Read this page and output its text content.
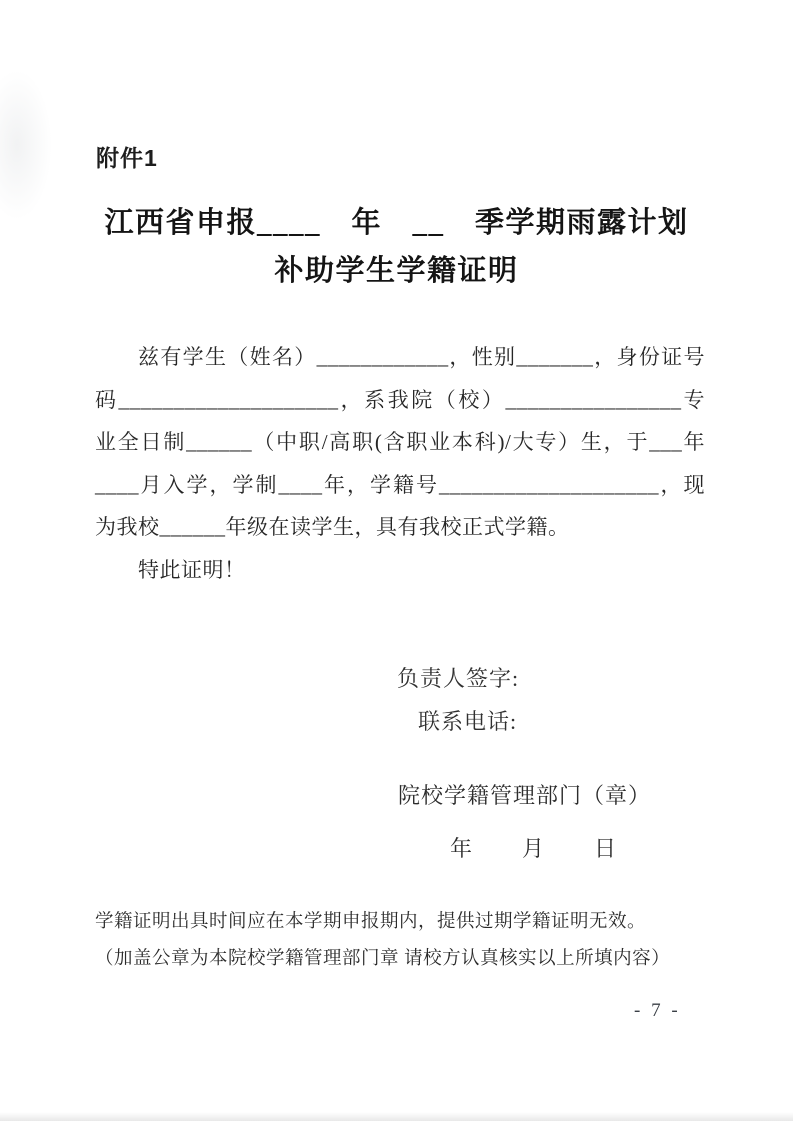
附件1
江西省申报____　年　__　季学期雨露计划
补助学生学籍证明
兹有学生（姓名）____________，性别_______，身份证号
码____________________，系我院（校）________________专
业全日制______（中职/高职(含职业本科)/大专）生，于___年
____月入学，学制____年，学籍号____________________，现
为我校______年级在读学生，具有我校正式学籍。
特此证明！
负责人签字:
联系电话:
院校学籍管理部门（章）
年　　月　　日
学籍证明出具时间应在本学期申报期内，提供过期学籍证明无效。
（加盖公章为本院校学籍管理部门章 请校方认真核实以上所填内容）
- 7 -
